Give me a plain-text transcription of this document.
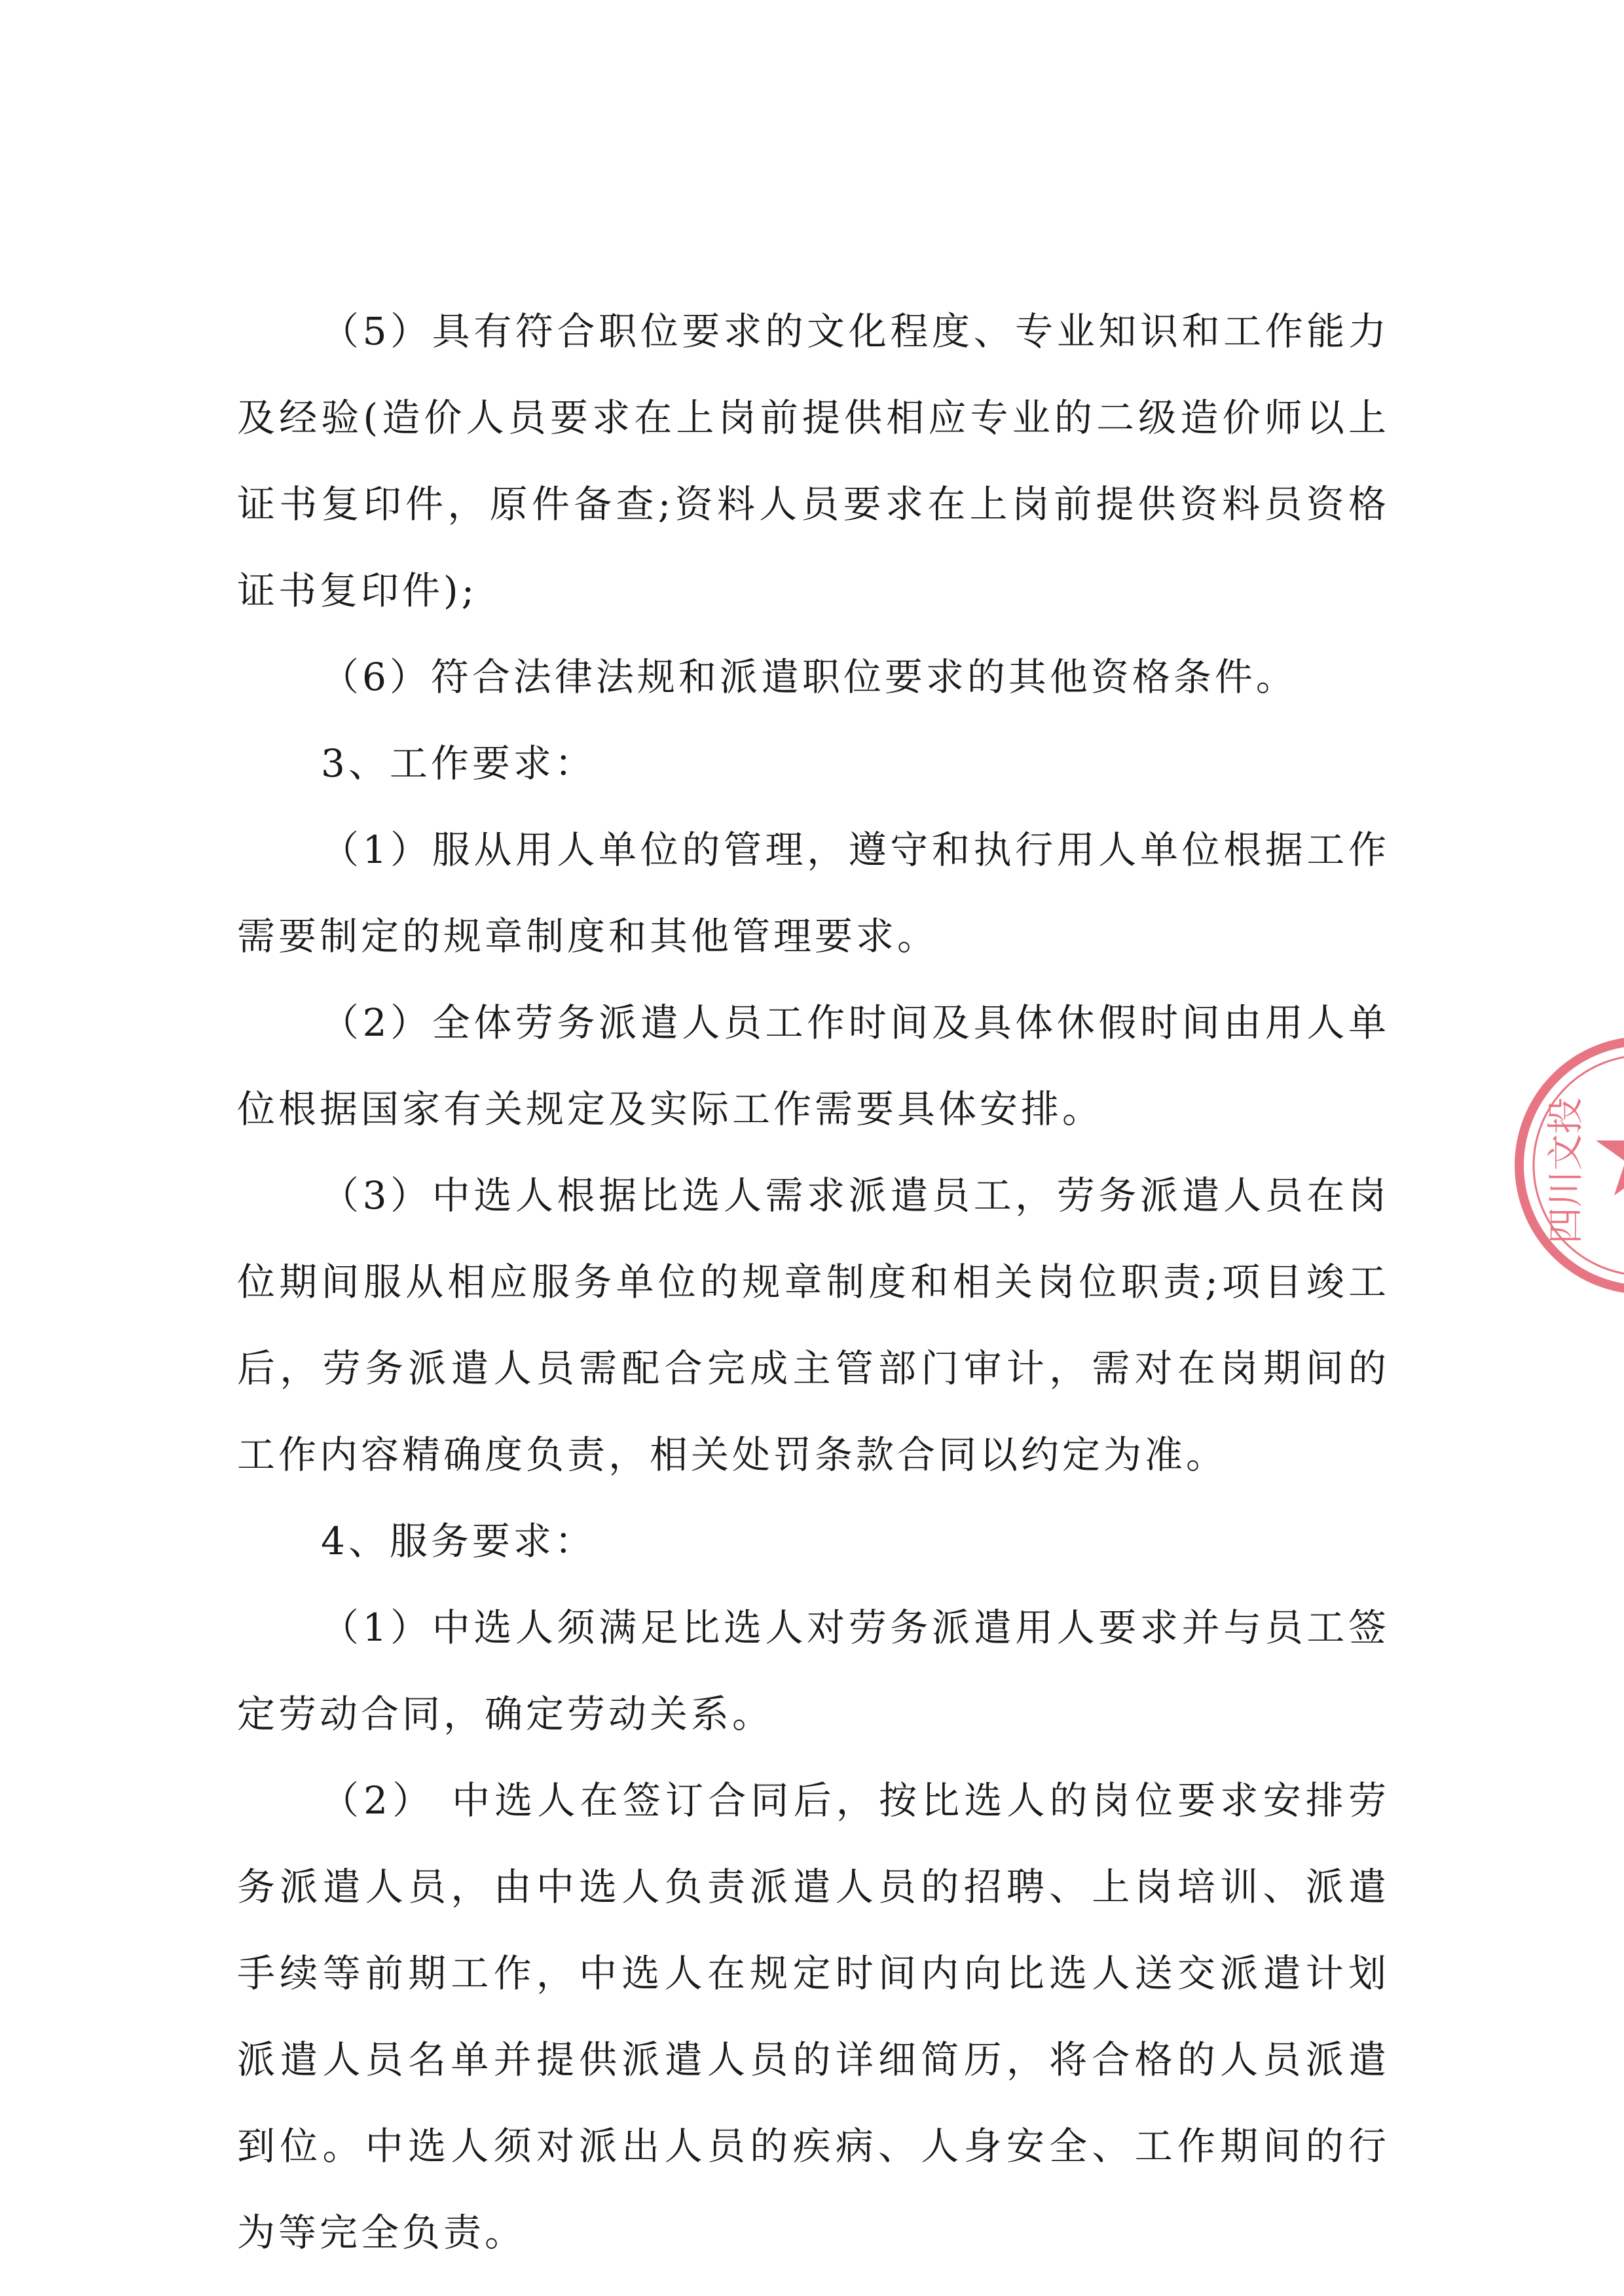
（5）具有符合职位要求的文化程度、专业知识和工作能力及经验(造价人员要求在上岗前提供相应专业的二级造价师以上证书复印件，原件备查;资料人员要求在上岗前提供资料员资格证书复印件);

（6）符合法律法规和派遣职位要求的其他资格条件。

3、工作要求：

（1）服从用人单位的管理，遵守和执行用人单位根据工作需要制定的规章制度和其他管理要求。

（2）全体劳务派遣人员工作时间及具体休假时间由用人单位根据国家有关规定及实际工作需要具体安排。

（3）中选人根据比选人需求派遣员工，劳务派遣人员在岗位期间服从相应服务单位的规章制度和相关岗位职责;项目竣工后，劳务派遣人员需配合完成主管部门审计，需对在岗期间的工作内容精确度负责，相关处罚条款合同以约定为准。

4、服务要求：

（1）中选人须满足比选人对劳务派遣用人要求并与员工签定劳动合同，确定劳动关系。

（2） 中选人在签订合同后，按比选人的岗位要求安排劳务派遣人员，由中选人负责派遣人员的招聘、上岗培训、派遣手续等前期工作，中选人在规定时间内向比选人送交派遣计划派遣人员名单并提供派遣人员的详细简历，将合格的人员派遣到位。中选人须对派出人员的疾病、人身安全、工作期间的行为等完全负责。

四川文投
